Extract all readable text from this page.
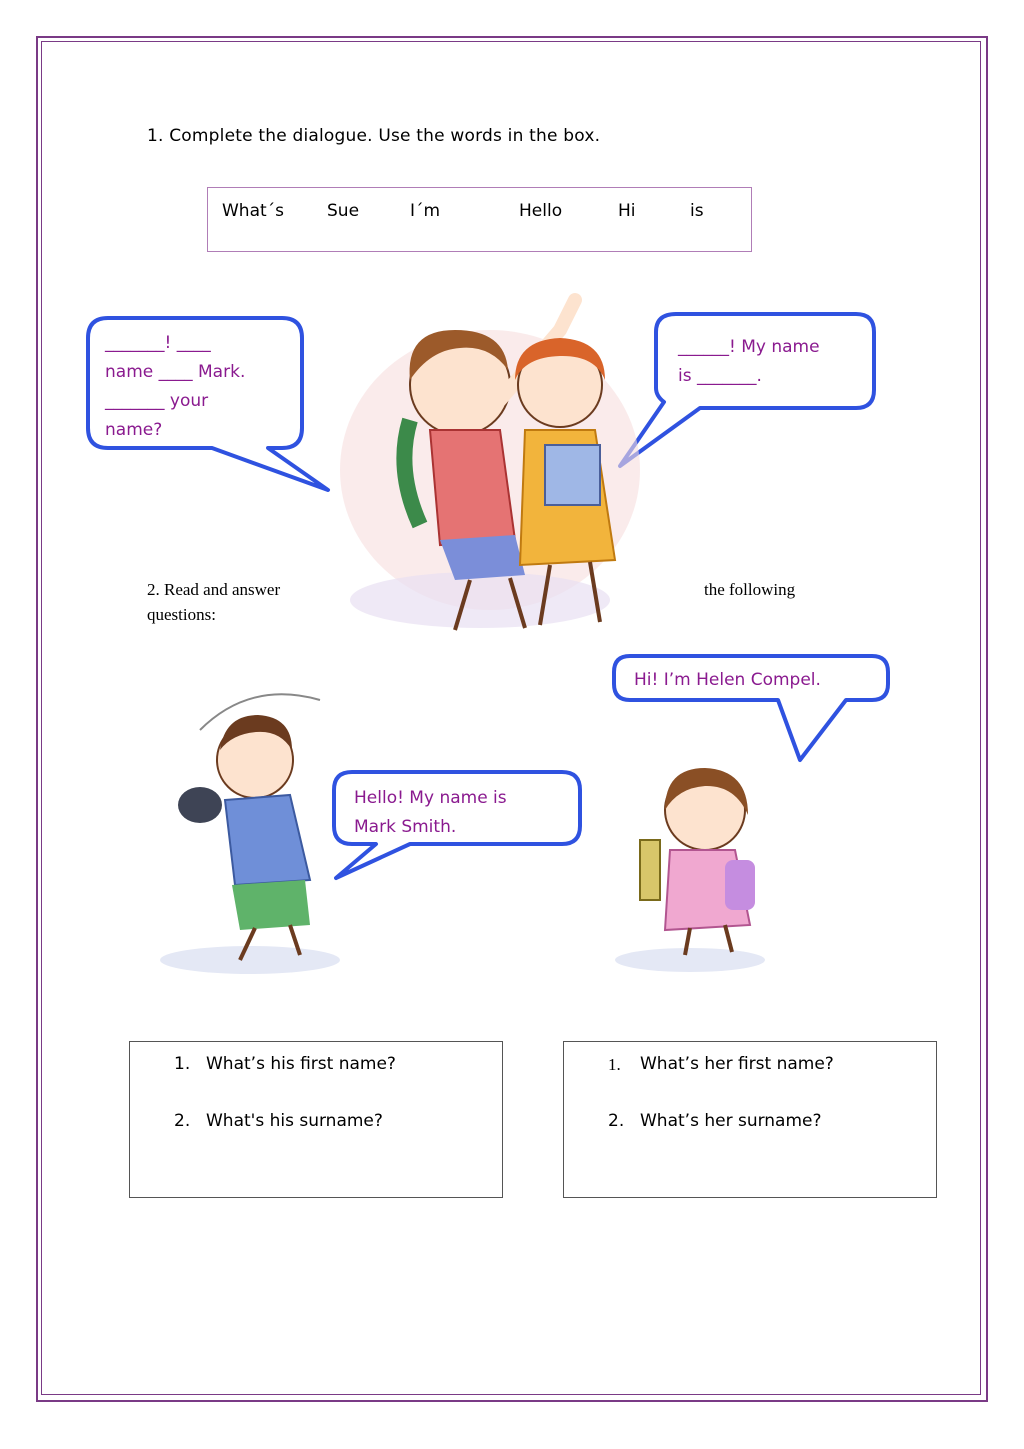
1. Complete the dialogue. Use the words in the box.
What´s	Sue	I´m	Hello	Hi	is
_______! ____
name ____ Mark.
_______ your
name?
______! My name
is _______.
Hi! I’m Helen Compel.
Hello! My name is
Mark Smith.
2. Read and answer	the following
questions:
1. What’s his first name?
2. What's his surname?
1. What’s her first name?
2. What’s her surname?
